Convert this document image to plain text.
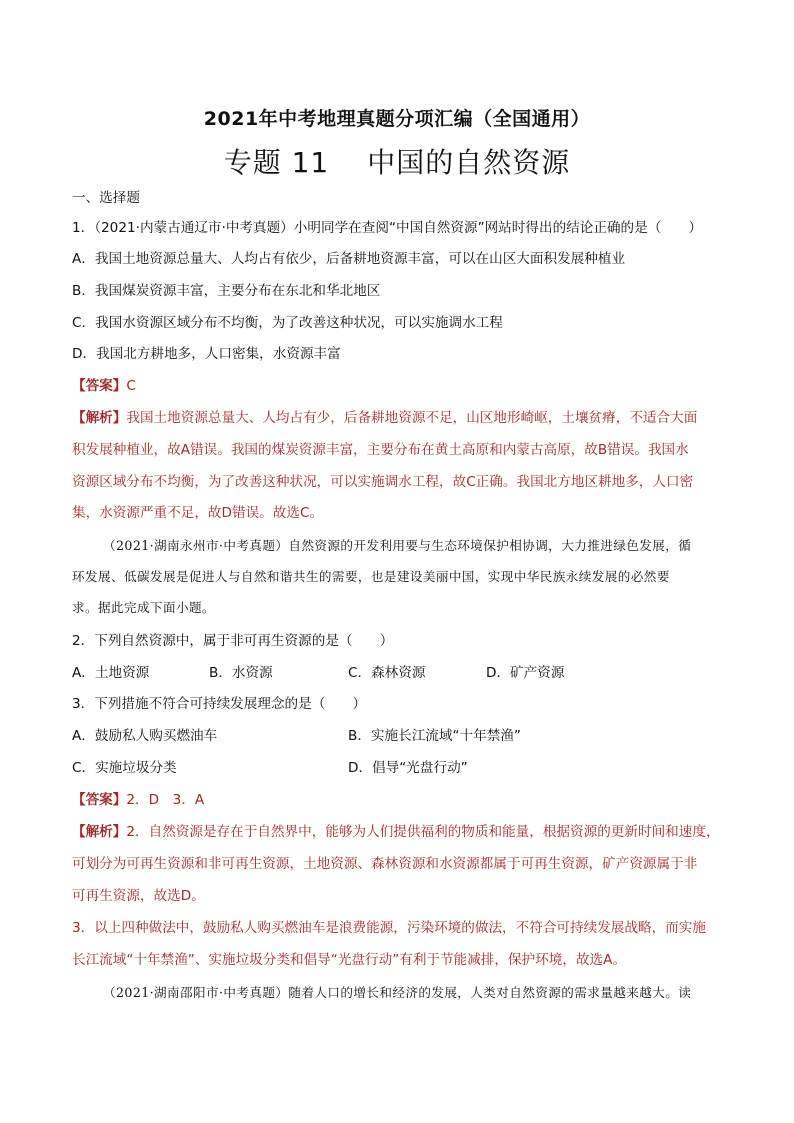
2021年中考地理真题分项汇编（全国通用）
专题 11 中国的自然资源
一、选择题
1．（2021·内蒙古通辽市·中考真题）小明同学在查阅“中国自然资源”网站时得出的结论正确的是（　　）
A．我国土地资源总量大、人均占有依少，后备耕地资源丰富，可以在山区大面积发展种植业
B．我国煤炭资源丰富，主要分布在东北和华北地区
C．我国水资源区域分布不均衡，为了改善这种状况，可以实施调水工程
D．我国北方耕地多，人口密集，水资源丰富
【答案】C
【解析】我国土地资源总量大、人均占有少，后备耕地资源不足，山区地形崎岖，土壤贫瘠，不适合大面
积发展种植业，故A错误。我国的煤炭资源丰富，主要分布在黄土高原和内蒙古高原，故B错误。我国水
资源区域分布不均衡，为了改善这种状况，可以实施调水工程，故C正确。我国北方地区耕地多，人口密
集，水资源严重不足，故D错误。故选C。
（2021·湖南永州市·中考真题）自然资源的开发利用要与生态环境保护相协调，大力推进绿色发展，循
环发展、低碳发展是促进人与自然和谐共生的需要，也是建设美丽中国，实现中华民族永续发展的必然要
求。据此完成下面小题。
2．下列自然资源中，属于非可再生资源的是（　　）
A．土地资源	B．水资源	C．森林资源	D．矿产资源
3．下列措施不符合可持续发展理念的是（　　）
A．鼓励私人购买燃油车	B．实施长江流域“十年禁渔”
C．实施垃圾分类	D．倡导“光盘行动”
【答案】2．D　3．A
【解析】2．自然资源是存在于自然界中，能够为人们提供福利的物质和能量，根据资源的更新时间和速度，
可划分为可再生资源和非可再生资源，土地资源、森林资源和水资源都属于可再生资源，矿产资源属于非
可再生资源，故选D。
3．以上四种做法中，鼓励私人购买燃油车是浪费能源，污染环境的做法，不符合可持续发展战略，而实施
长江流域“十年禁渔”、实施垃圾分类和倡导“光盘行动”有利于节能减排，保护环境，故选A。
（2021·湖南邵阳市·中考真题）随着人口的增长和经济的发展，人类对自然资源的需求量越来越大。读
